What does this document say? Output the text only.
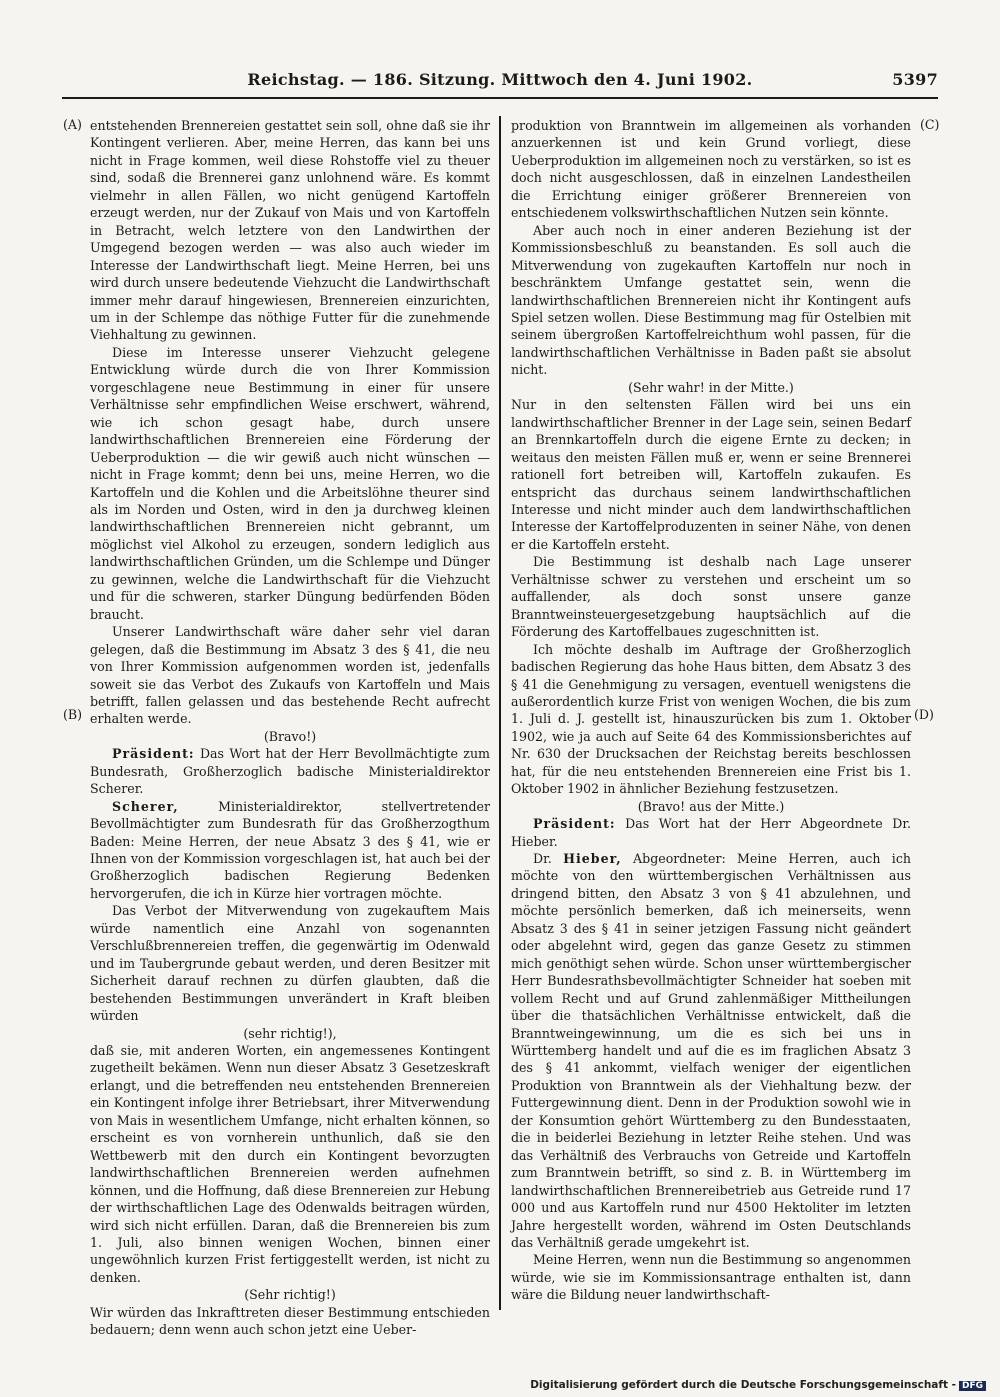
Reichstag. — 186. Sitzung. Mittwoch den 4. Juni 1902.	5397
(A)
(B)
(C)
(D)

entstehenden Brennereien gestattet sein soll, ohne daß sie ihr Kontingent verlieren. Aber, meine Herren, das kann bei uns nicht in Frage kommen, weil diese Rohstoffe viel zu theuer sind, sodaß die Brennerei ganz unlohnend wäre. Es kommt vielmehr in allen Fällen, wo nicht genügend Kartoffeln erzeugt werden, nur der Zukauf von Mais und von Kartoffeln in Betracht, welch letztere von den Landwirthen der Umgegend bezogen werden — was also auch wieder im Interesse der Landwirthschaft liegt. Meine Herren, bei uns wird durch unsere bedeutende Viehzucht die Landwirthschaft immer mehr darauf hingewiesen, Brennereien einzurichten, um in der Schlempe das nöthige Futter für die zunehmende Viehhaltung zu gewinnen.

Diese im Interesse unserer Viehzucht gelegene Entwicklung würde durch die von Ihrer Kommission vorgeschlagene neue Bestimmung in einer für unsere Verhältnisse sehr empfindlichen Weise erschwert, während, wie ich schon gesagt habe, durch unsere landwirthschaftlichen Brennereien eine Förderung der Ueberproduktion — die wir gewiß auch nicht wünschen — nicht in Frage kommt; denn bei uns, meine Herren, wo die Kartoffeln und die Kohlen und die Arbeitslöhne theurer sind als im Norden und Osten, wird in den ja durchweg kleinen landwirthschaftlichen Brennereien nicht gebrannt, um möglichst viel Alkohol zu erzeugen, sondern lediglich aus landwirthschaftlichen Gründen, um die Schlempe und Dünger zu gewinnen, welche die Landwirthschaft für die Viehzucht und für die schweren, starker Düngung bedürfenden Böden braucht.

Unserer Landwirthschaft wäre daher sehr viel daran gelegen, daß die Bestimmung im Absatz 3 des § 41, die neu von Ihrer Kommission aufgenommen worden ist, jedenfalls soweit sie das Verbot des Zukaufs von Kartoffeln und Mais betrifft, fallen gelassen und das bestehende Recht aufrecht erhalten werde.

(Bravo!)

Präsident: Das Wort hat der Herr Bevollmächtigte zum Bundesrath, Großherzoglich badische Ministerialdirektor Scherer.

Scherer, Ministerialdirektor, stellvertretender Bevollmächtigter zum Bundesrath für das Großherzogthum Baden: Meine Herren, der neue Absatz 3 des § 41, wie er Ihnen von der Kommission vorgeschlagen ist, hat auch bei der Großherzoglich badischen Regierung Bedenken hervorgerufen, die ich in Kürze hier vortragen möchte.

Das Verbot der Mitverwendung von zugekauftem Mais würde namentlich eine Anzahl von sogenannten Verschlußbrennereien treffen, die gegenwärtig im Odenwald und im Taubergrunde gebaut werden, und deren Besitzer mit Sicherheit darauf rechnen zu dürfen glaubten, daß die bestehenden Bestimmungen unverändert in Kraft bleiben würden

(sehr richtig!),

daß sie, mit anderen Worten, ein angemessenes Kontingent zugetheilt bekämen. Wenn nun dieser Absatz 3 Gesetzeskraft erlangt, und die betreffenden neu entstehenden Brennereien ein Kontingent infolge ihrer Betriebsart, ihrer Mitverwendung von Mais in wesentlichem Umfange, nicht erhalten können, so erscheint es von vornherein unthunlich, daß sie den Wettbewerb mit den durch ein Kontingent bevorzugten landwirthschaftlichen Brennereien werden aufnehmen können, und die Hoffnung, daß diese Brennereien zur Hebung der wirthschaftlichen Lage des Odenwalds beitragen würden, wird sich nicht erfüllen. Daran, daß die Brennereien bis zum 1. Juli, also binnen wenigen Wochen, binnen einer ungewöhnlich kurzen Frist fertiggestellt werden, ist nicht zu denken.

(Sehr richtig!)

Wir würden das Inkrafttreten dieser Bestimmung entschieden bedauern; denn wenn auch schon jetzt eine Ueber-

produktion von Branntwein im allgemeinen als vorhanden anzuerkennen ist und kein Grund vorliegt, diese Ueberproduktion im allgemeinen noch zu verstärken, so ist es doch nicht ausgeschlossen, daß in einzelnen Landestheilen die Errichtung einiger größerer Brennereien von entschiedenem volkswirthschaftlichen Nutzen sein könnte.

Aber auch noch in einer anderen Beziehung ist der Kommissionsbeschluß zu beanstanden. Es soll auch die Mitverwendung von zugekauften Kartoffeln nur noch in beschränktem Umfange gestattet sein, wenn die landwirthschaftlichen Brennereien nicht ihr Kontingent aufs Spiel setzen wollen. Diese Bestimmung mag für Ostelbien mit seinem übergroßen Kartoffelreichthum wohl passen, für die landwirthschaftlichen Verhältnisse in Baden paßt sie absolut nicht.

(Sehr wahr! in der Mitte.)

Nur in den seltensten Fällen wird bei uns ein landwirthschaftlicher Brenner in der Lage sein, seinen Bedarf an Brennkartoffeln durch die eigene Ernte zu decken; in weitaus den meisten Fällen muß er, wenn er seine Brennerei rationell fort betreiben will, Kartoffeln zukaufen. Es entspricht das durchaus seinem landwirthschaftlichen Interesse und nicht minder auch dem landwirthschaftlichen Interesse der Kartoffelproduzenten in seiner Nähe, von denen er die Kartoffeln ersteht.

Die Bestimmung ist deshalb nach Lage unserer Verhältnisse schwer zu verstehen und erscheint um so auffallender, als doch sonst unsere ganze Branntweinsteuergesetzgebung hauptsächlich auf die Förderung des Kartoffelbaues zugeschnitten ist.

Ich möchte deshalb im Auftrage der Großherzoglich badischen Regierung das hohe Haus bitten, dem Absatz 3 des § 41 die Genehmigung zu versagen, eventuell wenigstens die außerordentlich kurze Frist von wenigen Wochen, die bis zum 1. Juli d. J. gestellt ist, hinauszurücken bis zum 1. Oktober 1902, wie ja auch auf Seite 64 des Kommissionsberichtes auf Nr. 630 der Drucksachen der Reichstag bereits beschlossen hat, für die neu entstehenden Brennereien eine Frist bis 1. Oktober 1902 in ähnlicher Beziehung festzusetzen.

(Bravo! aus der Mitte.)

Präsident: Das Wort hat der Herr Abgeordnete Dr. Hieber.

Dr. Hieber, Abgeordneter: Meine Herren, auch ich möchte von den württembergischen Verhältnissen aus dringend bitten, den Absatz 3 von § 41 abzulehnen, und möchte persönlich bemerken, daß ich meinerseits, wenn Absatz 3 des § 41 in seiner jetzigen Fassung nicht geändert oder abgelehnt wird, gegen das ganze Gesetz zu stimmen mich genöthigt sehen würde. Schon unser württembergischer Herr Bundesrathsbevollmächtigter Schneider hat soeben mit vollem Recht und auf Grund zahlenmäßiger Mittheilungen über die thatsächlichen Verhältnisse entwickelt, daß die Branntweingewinnung, um die es sich bei uns in Württemberg handelt und auf die es im fraglichen Absatz 3 des § 41 ankommt, vielfach weniger der eigentlichen Produktion von Branntwein als der Viehhaltung bezw. der Futtergewinnung dient. Denn in der Produktion sowohl wie in der Konsumtion gehört Württemberg zu den Bundesstaaten, die in beiderlei Beziehung in letzter Reihe stehen. Und was das Verhältniß des Verbrauchs von Getreide und Kartoffeln zum Branntwein betrifft, so sind z. B. in Württemberg im landwirthschaftlichen Brennereibetrieb aus Getreide rund 17 000 und aus Kartoffeln rund nur 4500 Hektoliter im letzten Jahre hergestellt worden, während im Osten Deutschlands das Verhältniß gerade umgekehrt ist.

Meine Herren, wenn nun die Bestimmung so angenommen würde, wie sie im Kommissionsantrage enthalten ist, dann wäre die Bildung neuer landwirthschaft-

Digitalisierung gefördert durch die Deutsche Forschungsgemeinschaft - DFG
